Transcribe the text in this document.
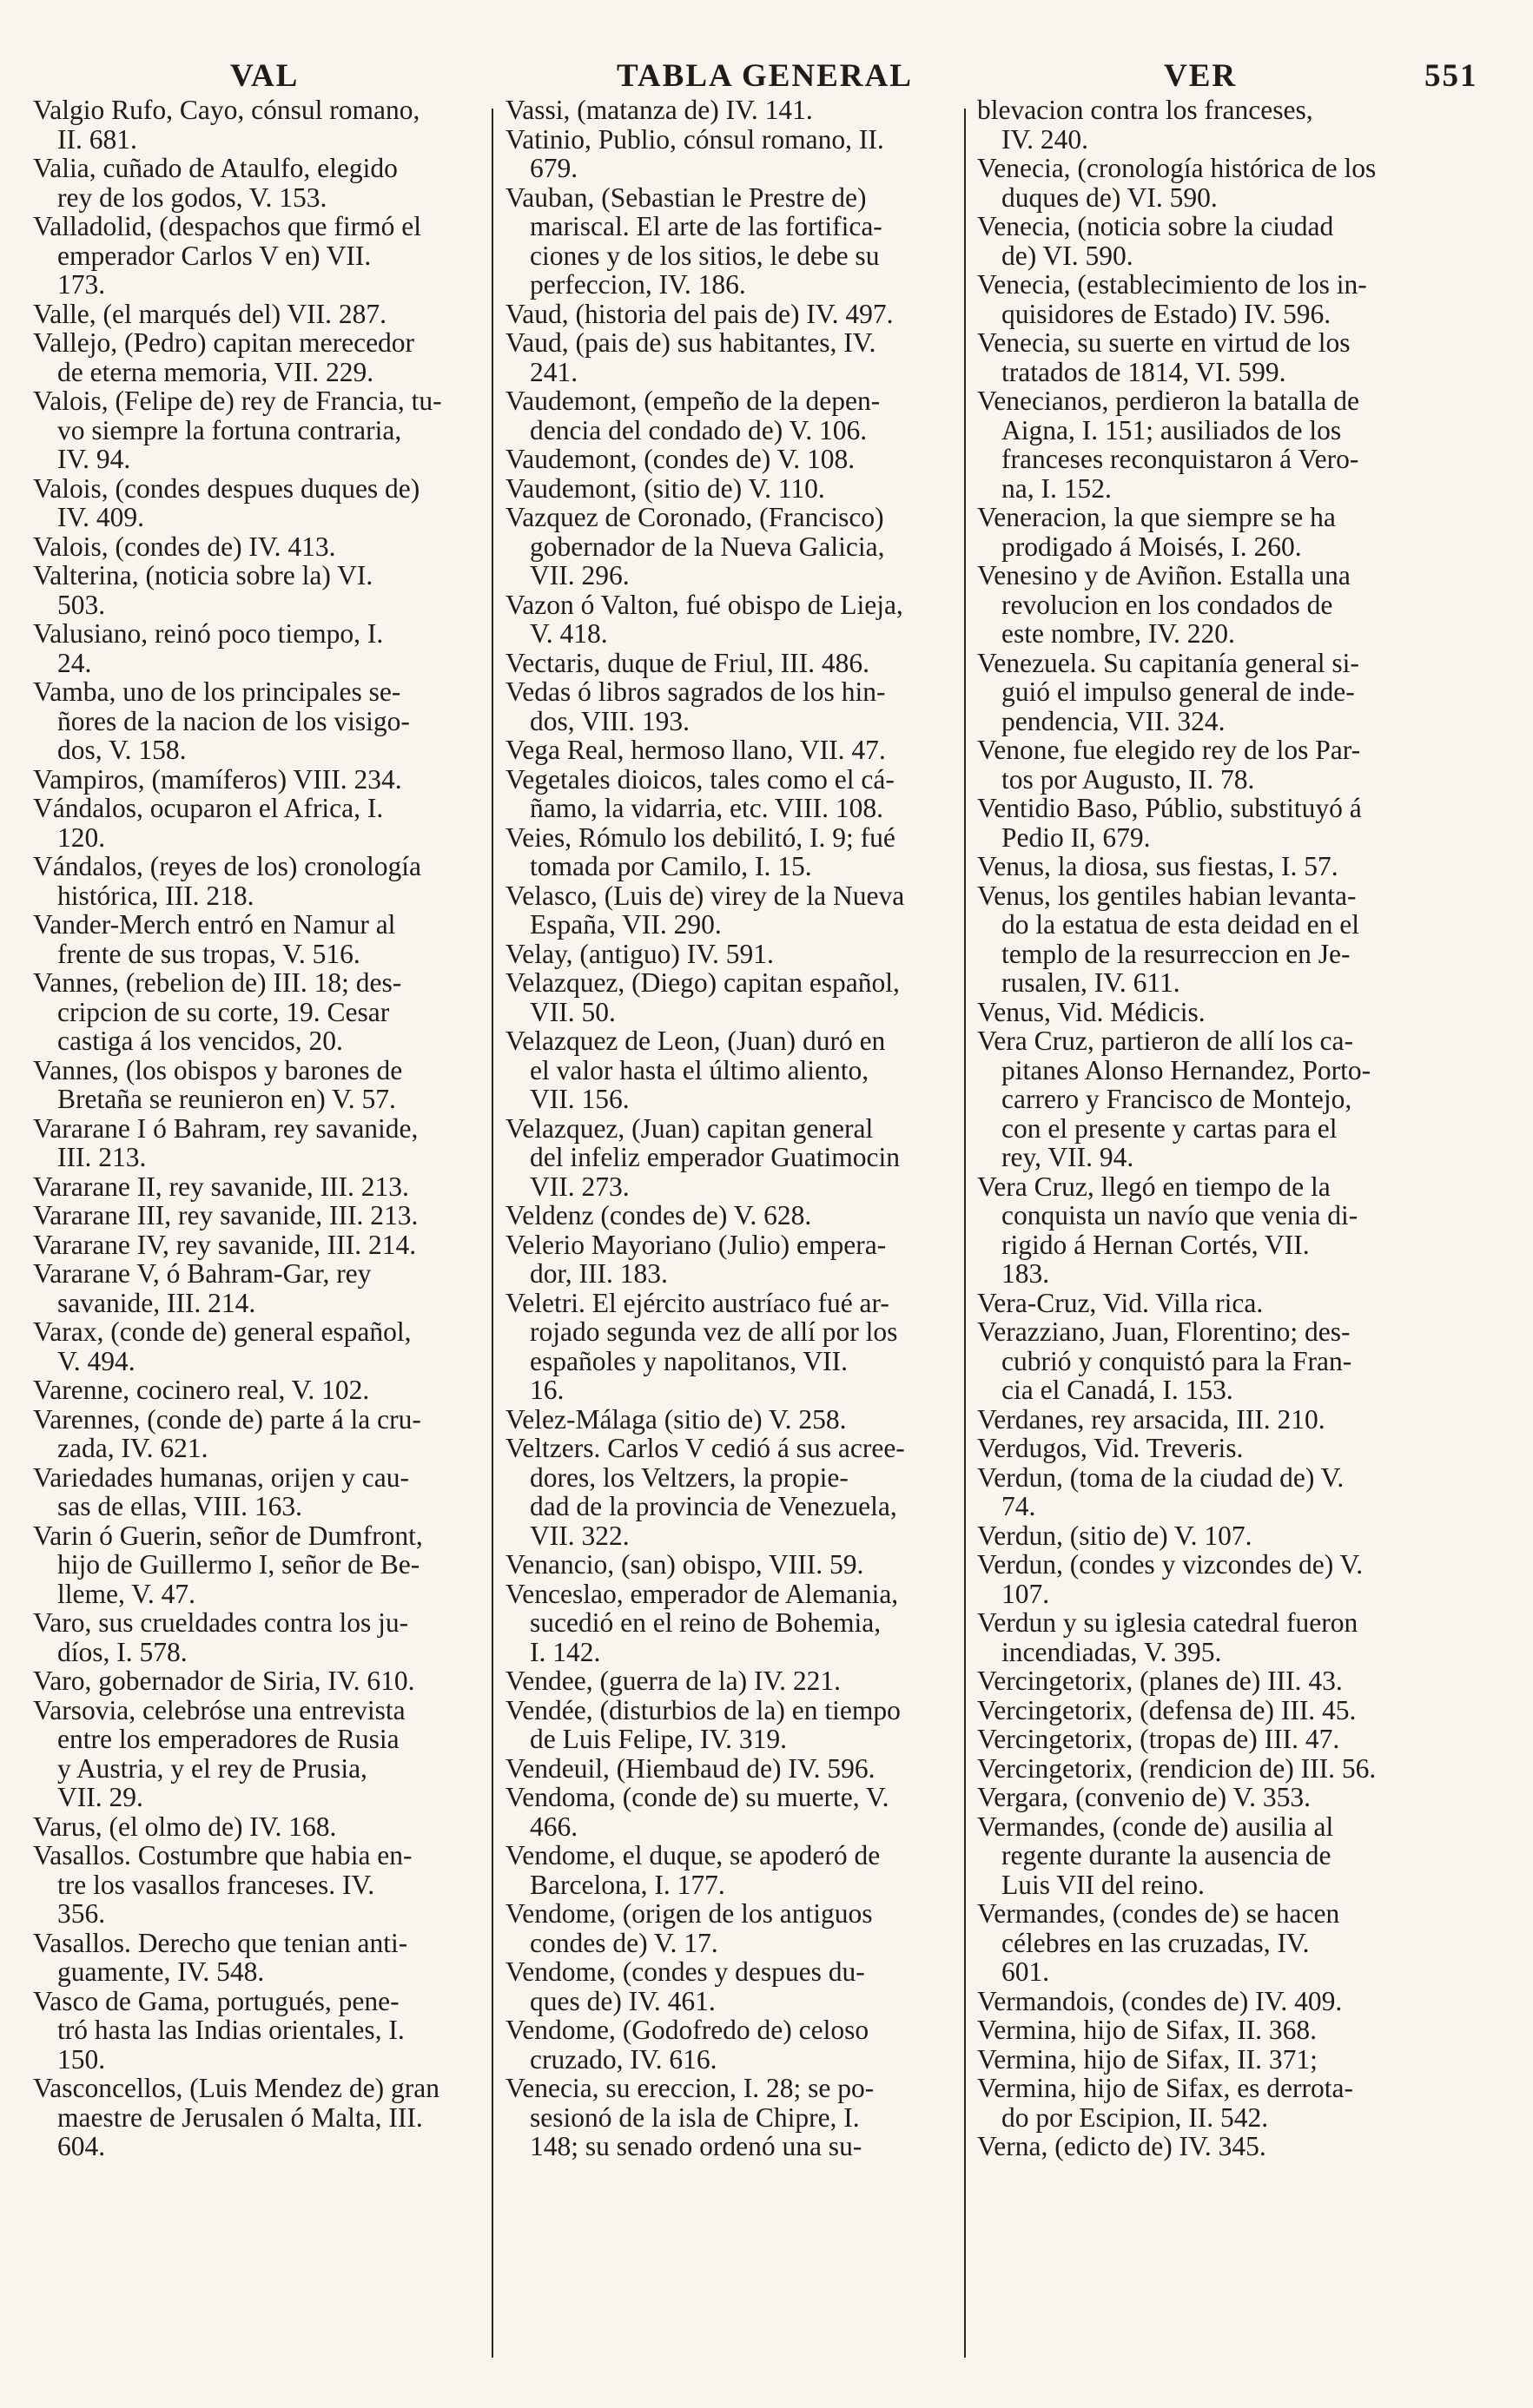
VAL	TABLA GENERAL	VER	551

Valgio Rufo, Cayo, cónsul romano,
II. 681.

Valia, cuñado de Ataulfo, elegido
rey de los godos, V. 153.

Valladolid, (despachos que firmó el
emperador Carlos V en) VII.
173.

Valle, (el marqués del) VII. 287.

Vallejo, (Pedro) capitan merecedor
de eterna memoria, VII. 229.

Valois, (Felipe de) rey de Francia, tu-
vo siempre la fortuna contraria,
IV. 94.

Valois, (condes despues duques de)
IV. 409.

Valois, (condes de) IV. 413.

Valterina, (noticia sobre la) VI.
503.

Valusiano, reinó poco tiempo, I.
24.

Vamba, uno de los principales se-
ñores de la nacion de los visigo-
dos, V. 158.

Vampiros, (mamíferos) VIII. 234.

Vándalos, ocuparon el Africa, I.
120.

Vándalos, (reyes de los) cronología
histórica, III. 218.

Vander-Merch entró en Namur al
frente de sus tropas, V. 516.

Vannes, (rebelion de) III. 18; des-
cripcion de su corte, 19. Cesar
castiga á los vencidos, 20.

Vannes, (los obispos y barones de
Bretaña se reunieron en) V. 57.

Vararane I ó Bahram, rey savanide,
III. 213.

Vararane II, rey savanide, III. 213.

Vararane III, rey savanide, III. 213.

Vararane IV, rey savanide, III. 214.

Vararane V, ó Bahram-Gar, rey
savanide, III. 214.

Varax, (conde de) general español,
V. 494.

Varenne, cocinero real, V. 102.

Varennes, (conde de) parte á la cru-
zada, IV. 621.

Variedades humanas, orijen y cau-
sas de ellas, VIII. 163.

Varin ó Guerin, señor de Dumfront,
hijo de Guillermo I, señor de Be-
lleme, V. 47.

Varo, sus crueldades contra los ju-
díos, I. 578.

Varo, gobernador de Siria, IV. 610.

Varsovia, celebróse una entrevista
entre los emperadores de Rusia
y Austria, y el rey de Prusia,
VII. 29.

Varus, (el olmo de) IV. 168.

Vasallos. Costumbre que habia en-
tre los vasallos franceses. IV.
356.

Vasallos. Derecho que tenian anti-
guamente, IV. 548.

Vasco de Gama, portugués, pene-
tró hasta las Indias orientales, I.
150.

Vasconcellos, (Luis Mendez de) gran
maestre de Jerusalen ó Malta, III.
604.

Vassi, (matanza de) IV. 141.

Vatinio, Publio, cónsul romano, II.
679.

Vauban, (Sebastian le Prestre de)
mariscal. El arte de las fortifica-
ciones y de los sitios, le debe su
perfeccion, IV. 186.

Vaud, (historia del pais de) IV. 497.

Vaud, (pais de) sus habitantes, IV.
241.

Vaudemont, (empeño de la depen-
dencia del condado de) V. 106.

Vaudemont, (condes de) V. 108.

Vaudemont, (sitio de) V. 110.

Vazquez de Coronado, (Francisco)
gobernador de la Nueva Galicia,
VII. 296.

Vazon ó Valton, fué obispo de Lieja,
V. 418.

Vectaris, duque de Friul, III. 486.

Vedas ó libros sagrados de los hin-
dos, VIII. 193.

Vega Real, hermoso llano, VII. 47.

Vegetales dioicos, tales como el cá-
ñamo, la vidarria, etc. VIII. 108.

Veies, Rómulo los debilitó, I. 9; fué
tomada por Camilo, I. 15.

Velasco, (Luis de) virey de la Nueva
España, VII. 290.

Velay, (antiguo) IV. 591.

Velazquez, (Diego) capitan español,
VII. 50.

Velazquez de Leon, (Juan) duró en
el valor hasta el último aliento,
VII. 156.

Velazquez, (Juan) capitan general
del infeliz emperador Guatimocin
VII. 273.

Veldenz (condes de) V. 628.

Velerio Mayoriano (Julio) empera-
dor, III. 183.

Veletri. El ejército austríaco fué ar-
rojado segunda vez de allí por los
españoles y napolitanos, VII.
16.

Velez-Málaga (sitio de) V. 258.

Veltzers. Carlos V cedió á sus acree-
dores, los Veltzers, la propie-
dad de la provincia de Venezuela,
VII. 322.

Venancio, (san) obispo, VIII. 59.

Venceslao, emperador de Alemania,
sucedió en el reino de Bohemia,
I. 142.

Vendee, (guerra de la) IV. 221.

Vendée, (disturbios de la) en tiempo
de Luis Felipe, IV. 319.

Vendeuil, (Hiembaud de) IV. 596.

Vendoma, (conde de) su muerte, V.
466.

Vendome, el duque, se apoderó de
Barcelona, I. 177.

Vendome, (origen de los antiguos
condes de) V. 17.

Vendome, (condes y despues du-
ques de) IV. 461.

Vendome, (Godofredo de) celoso
cruzado, IV. 616.

Venecia, su ereccion, I. 28; se po-
sesionó de la isla de Chipre, I.
148; su senado ordenó una su-

blevacion contra los franceses,
IV. 240.

Venecia, (cronología histórica de los
duques de) VI. 590.

Venecia, (noticia sobre la ciudad
de) VI. 590.

Venecia, (establecimiento de los in-
quisidores de Estado) IV. 596.

Venecia, su suerte en virtud de los
tratados de 1814, VI. 599.

Venecianos, perdieron la batalla de
Aigna, I. 151; ausiliados de los
franceses reconquistaron á Vero-
na, I. 152.

Veneracion, la que siempre se ha
prodigado á Moisés, I. 260.

Venesino y de Aviñon. Estalla una
revolucion en los condados de
este nombre, IV. 220.

Venezuela. Su capitanía general si-
guió el impulso general de inde-
pendencia, VII. 324.

Venone, fue elegido rey de los Par-
tos por Augusto, II. 78.

Ventidio Baso, Públio, substituyó á
Pedio II, 679.

Venus, la diosa, sus fiestas, I. 57.

Venus, los gentiles habian levanta-
do la estatua de esta deidad en el
templo de la resurreccion en Je-
rusalen, IV. 611.

Venus, Vid. Médicis.

Vera Cruz, partieron de allí los ca-
pitanes Alonso Hernandez, Porto-
carrero y Francisco de Montejo,
con el presente y cartas para el
rey, VII. 94.

Vera Cruz, llegó en tiempo de la
conquista un navío que venia di-
rigido á Hernan Cortés, VII.
183.

Vera-Cruz, Vid. Villa rica.

Verazziano, Juan, Florentino; des-
cubrió y conquistó para la Fran-
cia el Canadá, I. 153.

Verdanes, rey arsacida, III. 210.

Verdugos, Vid. Treveris.

Verdun, (toma de la ciudad de) V.
74.

Verdun, (sitio de) V. 107.

Verdun, (condes y vizcondes de) V.
107.

Verdun y su iglesia catedral fueron
incendiadas, V. 395.

Vercingetorix, (planes de) III. 43.

Vercingetorix, (defensa de) III. 45.

Vercingetorix, (tropas de) III. 47.

Vercingetorix, (rendicion de) III. 56.

Vergara, (convenio de) V. 353.

Vermandes, (conde de) ausilia al
regente durante la ausencia de
Luis VII del reino.

Vermandes, (condes de) se hacen
célebres en las cruzadas, IV.
601.

Vermandois, (condes de) IV. 409.

Vermina, hijo de Sifax, II. 368.

Vermina, hijo de Sifax, II. 371;

Vermina, hijo de Sifax, es derrota-
do por Escipion, II. 542.

Verna, (edicto de) IV. 345.
